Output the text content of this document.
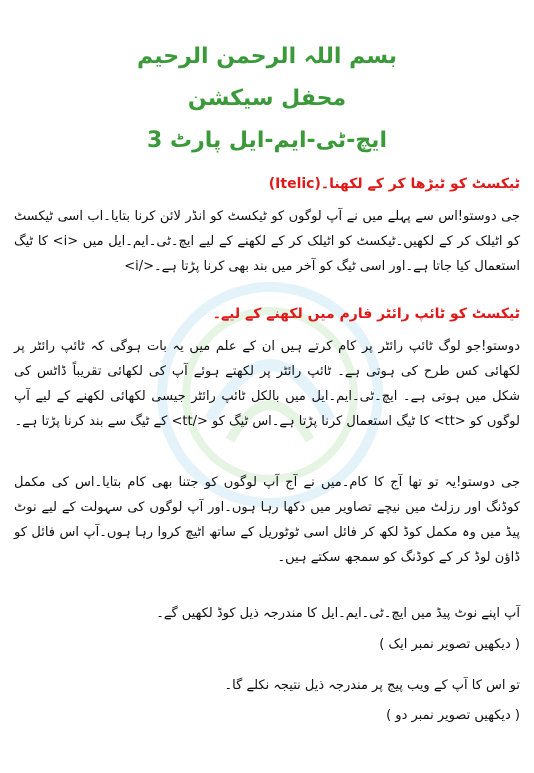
بسم اللہ الرحمن الرحیم
محفل سیکشن
ایچ-ٹی-ایم-ایل پارٹ 3
ٹیکسٹ کو ٹیڑھا کر کے لکھنا۔(Itelic)
جی دوستو!اس سے پہلے میں نے آپ لوگوں کو ٹیکسٹ کو انڈر لائن کرنا بتایا۔اب اسی ٹیکسٹ کو اٹیلک کر کے لکھیں۔ٹیکسٹ کو اٹیلک کر کے لکھنے کے لیے ایچ۔ٹی۔ایم۔ایل میں <i> کا ٹیگ استعمال کیا جاتا ہے۔اور اسی ٹیگ کو آخر میں بند بھی کرنا پڑتا ہے۔</i>
ٹیکسٹ کو ٹائپ رائٹر فارم میں لکھنے کے لیے۔
دوستو!جو لوگ ٹائپ رائٹر پر کام کرتے ہیں ان کے علم میں یہ بات ہوگی کہ ٹائپ رائٹر پر لکھائی کس طرح کی ہوتی ہے۔ ٹائپ رائٹر پر لکھتے ہوئے آپ کی لکھائی تقریباً ڈاٹس کی شکل میں ہوتی ہے۔ ایچ۔ٹی۔ایم۔ایل میں بالکل ٹائپ رائٹر جیسی لکھائی لکھنے کے لیے آپ لوگوں کو <tt> کا ٹیگ استعمال کرنا پڑتا ہے۔اس ٹیگ کو </tt> کے ٹیگ سے بند کرنا پڑتا ہے۔
جی دوستو!یہ تو تھا آج کا کام۔میں نے آج آپ لوگوں کو جتنا بھی کام بتایا۔اس کی مکمل کوڈنگ اور رزلٹ میں نیچے تصاویر میں دکھا رہا ہوں۔اور آپ لوگوں کی سہولت کے لیے نوٹ پیڈ میں وہ مکمل کوڈ لکھ کر فائل اسی ٹوٹوریل کے ساتھ اٹیچ کروا رہا ہوں۔آپ اس فائل کو ڈاؤن لوڈ کر کے کوڈنگ کو سمجھ سکتے ہیں۔
آپ اپنے نوٹ پیڈ میں ایچ۔ٹی۔ایم۔ایل کا مندرجہ ذیل کوڈ لکھیں گے۔
( دیکھیں تصویر نمبر ایک )
تو اس کا آپ کے ویب پیج پر مندرجہ ذیل نتیجہ نکلے گا۔
( دیکھیں تصویر نمبر دو )
